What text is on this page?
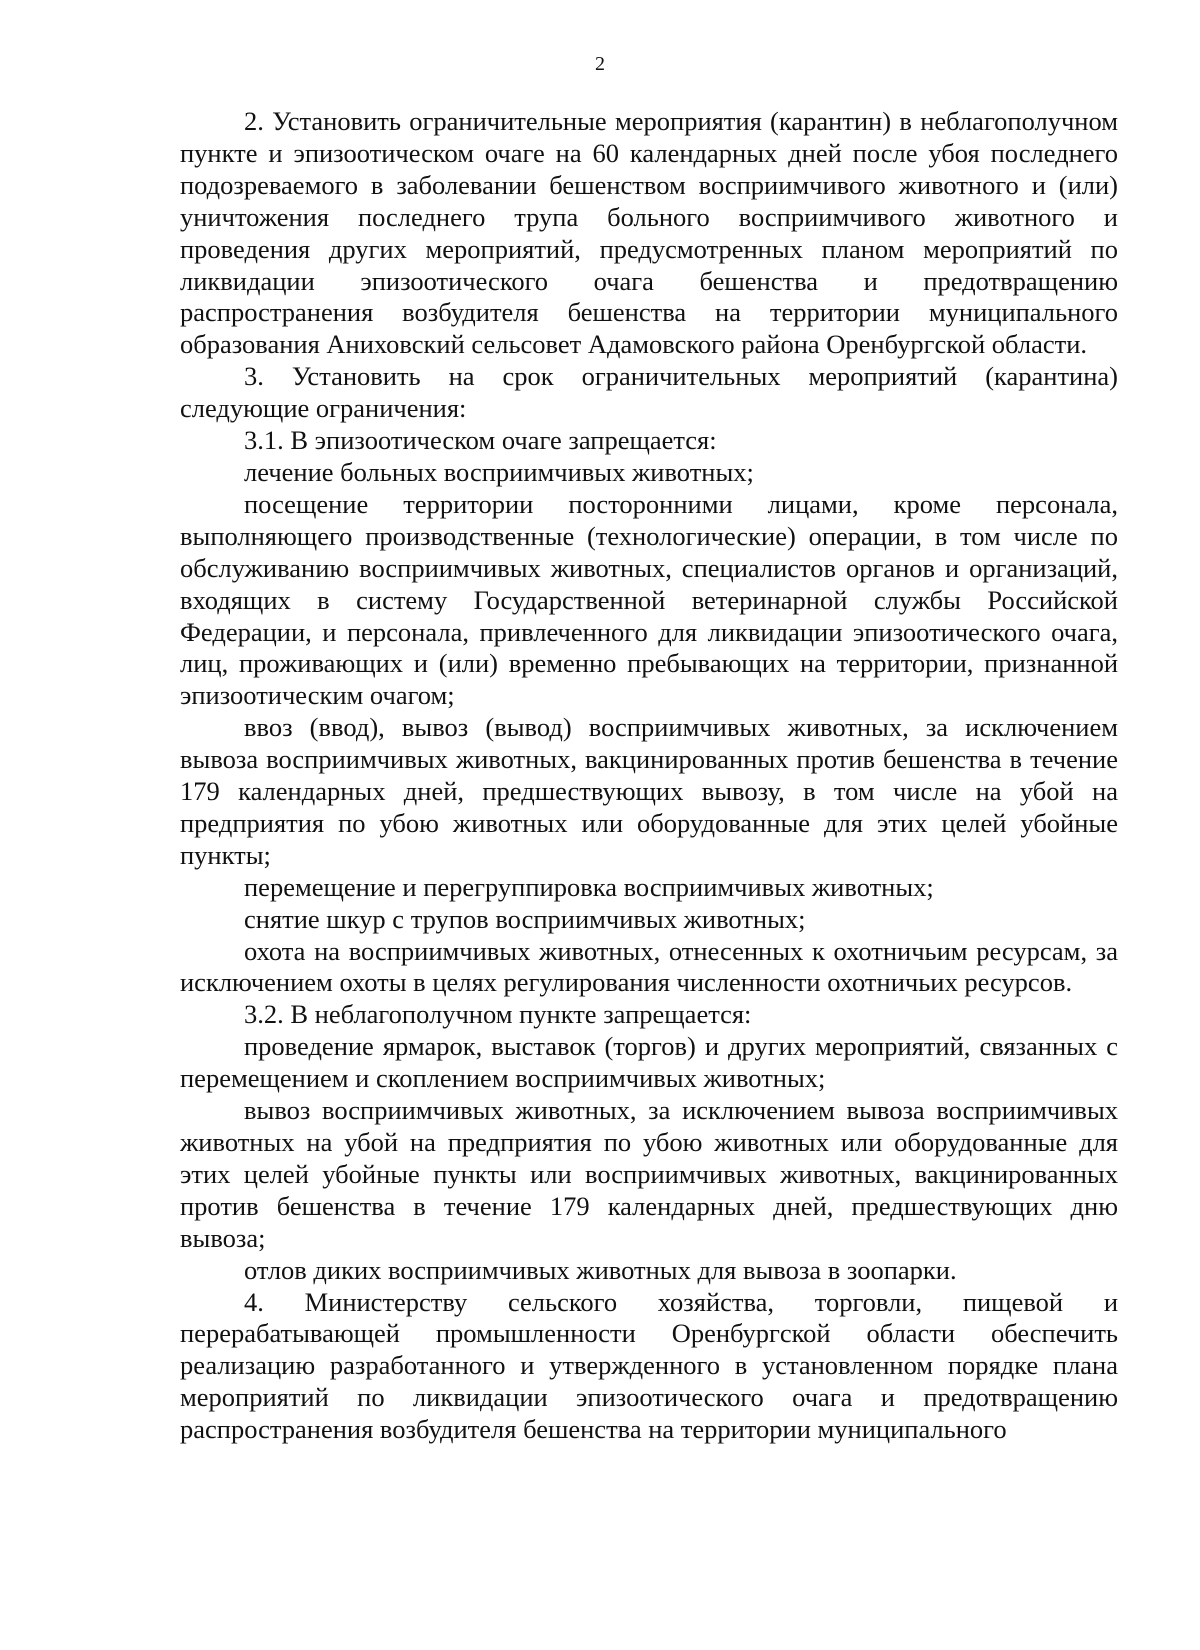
2

2. Установить ограничительные мероприятия (карантин) в неблагополучном пункте и эпизоотическом очаге на 60 календарных дней после убоя последнего подозреваемого в заболевании бешенством восприимчивого животного и (или) уничтожения последнего трупа больного восприимчивого животного и проведения других мероприятий, предусмотренных планом мероприятий по ликвидации эпизоотического очага бешенства и предотвращению распространения возбудителя бешенства на территории муниципального образования Аниховский сельсовет Адамовского района Оренбургской области.

3. Установить на срок ограничительных мероприятий (карантина) следующие ограничения:

3.1. В эпизоотическом очаге запрещается:

лечение больных восприимчивых животных;

посещение территории посторонними лицами, кроме персонала, выполняющего производственные (технологические) операции, в том числе по обслуживанию восприимчивых животных, специалистов органов и организаций, входящих в систему Государственной ветеринарной службы Российской Федерации, и персонала, привлеченного для ликвидации эпизоотического очага, лиц, проживающих и (или) временно пребывающих на территории, признанной эпизоотическим очагом;

ввоз (ввод), вывоз (вывод) восприимчивых животных, за исключением вывоза восприимчивых животных, вакцинированных против бешенства в течение 179 календарных дней, предшествующих вывозу, в том числе на убой на предприятия по убою животных или оборудованные для этих целей убойные пункты;

перемещение и перегруппировка восприимчивых животных;

снятие шкур с трупов восприимчивых животных;

охота на восприимчивых животных, отнесенных к охотничьим ресурсам, за исключением охоты в целях регулирования численности охотничьих ресурсов.

3.2. В неблагополучном пункте запрещается:

проведение ярмарок, выставок (торгов) и других мероприятий, связанных с перемещением и скоплением восприимчивых животных;

вывоз восприимчивых животных, за исключением вывоза восприимчивых животных на убой на предприятия по убою животных или оборудованные для этих целей убойные пункты или восприимчивых животных, вакцинированных против бешенства в течение 179 календарных дней, предшествующих дню вывоза;

отлов диких восприимчивых животных для вывоза в зоопарки.

4. Министерству сельского хозяйства, торговли, пищевой и перерабатывающей промышленности Оренбургской области обеспечить реализацию разработанного и утвержденного в установленном порядке плана мероприятий по ликвидации эпизоотического очага и предотвращению распространения возбудителя бешенства на территории муниципального
